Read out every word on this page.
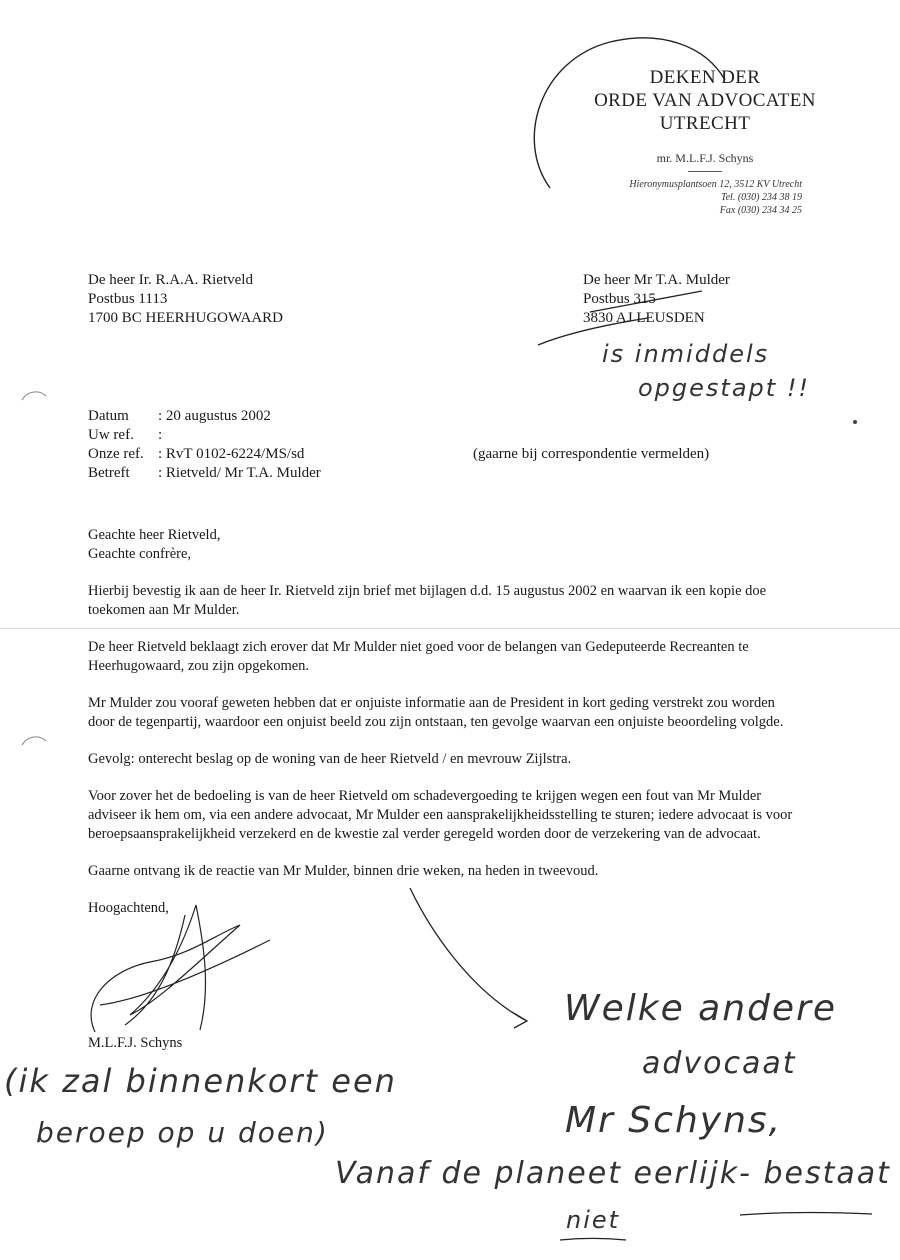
DEKEN DER
ORDE VAN ADVOCATEN
UTRECHT
mr. M.L.F.J. Schyns
Hieronymusplantsoen 12, 3512 KV Utrecht
Tel. (030) 234 38 19
Fax (030) 234 34 25
De heer Ir. R.A.A. Rietveld
Postbus 1113
1700 BC HEERHUGOWAARD
De heer Mr T.A. Mulder
Postbus 315
3830 AJ LEUSDEN
Datum	: 20 augustus 2002
Uw ref.	:
Onze ref. : RvT 0102-6224/MS/sd
Betreft	: Rietveld/ Mr T.A. Mulder
(gaarne bij correspondentie vermelden)
Geachte heer Rietveld,
Geachte confrère,

Hierbij bevestig ik aan de heer Ir. Rietveld zijn brief met bijlagen d.d. 15 augustus 2002 en waarvan ik een kopie doe toekomen aan Mr Mulder.

De heer Rietveld beklaagt zich erover dat Mr Mulder niet goed voor de belangen van Gedeputeerde Recreanten te Heerhugowaard, zou zijn opgekomen.

Mr Mulder zou vooraf geweten hebben dat er onjuiste informatie aan de President in kort geding verstrekt zou worden door de tegenpartij, waardoor een onjuist beeld zou zijn ontstaan, ten gevolge waarvan een onjuiste beoordeling volgde.

Gevolg: onterecht beslag op de woning van de heer Rietveld / en mevrouw Zijlstra.

Voor zover het de bedoeling is van de heer Rietveld om schadevergoeding te krijgen wegen een fout van Mr Mulder adviseer ik hem om, via een andere advocaat, Mr Mulder een aansprakelijkheidsstelling te sturen; iedere advocaat is voor beroepsaansprakelijkheid verzekerd en de kwestie zal verder geregeld worden door de verzekering van de advocaat.

Gaarne ontvang ik de reactie van Mr Mulder, binnen drie weken, na heden in tweevoud.

Hoogachtend,
M.L.F.J. Schyns
is inmiddels
opgestapt !!
Welke andere
advocaat
Mr Schyns,
Vanaf de planeet eerlijk- bestaat
niet
(ik zal binnenkort een
beroep op u doen)
